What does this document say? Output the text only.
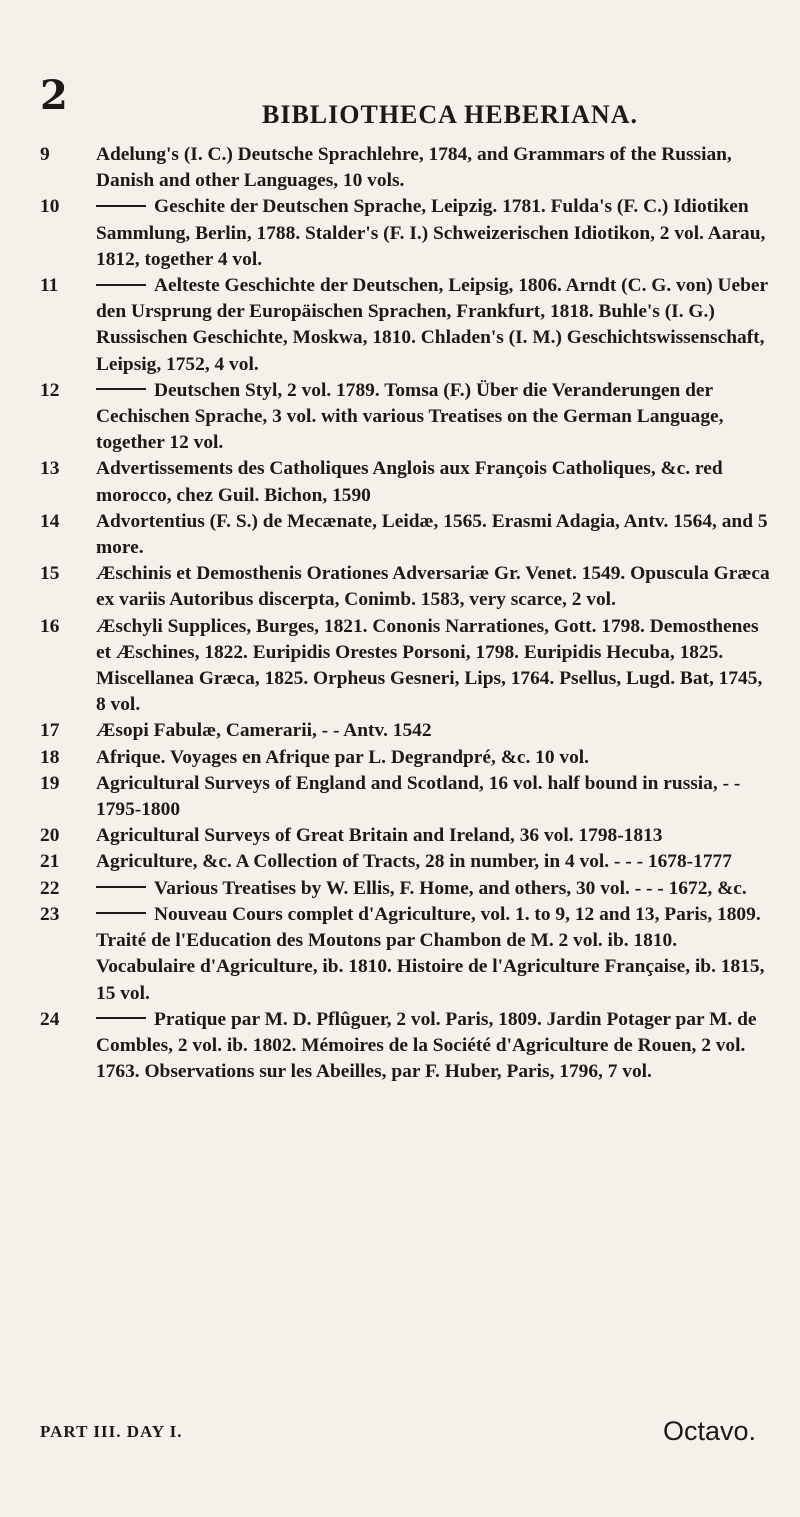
2	BIBLIOTHECA HEBERIANA.
9	Adelung's (I. C.) Deutsche Sprachlehre, 1784, and Grammars of the Russian, Danish and other Languages, 10 vols.
10	Geschite der Deutschen Sprache, Leipzig. 1781. Fulda's (F. C.) Idiotiken Sammlung, Berlin, 1788. Stalder's (F. I.) Schweizerischen Idiotikon, 2 vol. Aarau, 1812, together 4 vol.
11	Aelteste Geschichte der Deutschen, Leipsig, 1806. Arndt (C. G. von) Ueber den Ursprung der Europäischen Sprachen, Frankfurt, 1818. Buhle's (I. G.) Russischen Geschichte, Moskwa, 1810. Chladen's (I. M.) Geschichtswissenschaft, Leipsig, 1752, 4 vol.
12	Deutschen Styl, 2 vol. 1789. Tomsa (F.) Über die Veranderungen der Cechischen Sprache, 3 vol. with various Treatises on the German Language, together 12 vol.
13	Advertissements des Catholiques Anglois aux François Catholiques, &c. red morocco, chez Guil. Bichon, 1590
14	Advortentius (F. S.) de Mecænate, Leidæ, 1565. Erasmi Adagia, Antv. 1564, and 5 more.
15	Æschinis et Demosthenis Orationes Adversariæ Gr. Venet. 1549. Opuscula Græca ex variis Autoribus discerpta, Conimb. 1583, very scarce, 2 vol.
16	Æschyli Supplices, Burges, 1821. Cononis Narrationes, Gott. 1798. Demosthenes et Æschines, 1822. Euripidis Orestes Porsoni, 1798. Euripidis Hecuba, 1825. Miscellanea Græca, 1825. Orpheus Gesneri, Lips, 1764. Psellus, Lugd. Bat, 1745, 8 vol.
17	Æsopi Fabulæ, Camerarii, - - Antv. 1542
18	Afrique. Voyages en Afrique par L. Degrandpré, &c. 10 vol.
19	Agricultural Surveys of England and Scotland, 16 vol. half bound in russia, - - 1795-1800
20	Agricultural Surveys of Great Britain and Ireland, 36 vol. 1798-1813
21	Agriculture, &c. A Collection of Tracts, 28 in number, in 4 vol. - - - 1678-1777
22	Various Treatises by W. Ellis, F. Home, and others, 30 vol. - - - 1672, &c.
23	Nouveau Cours complet d'Agriculture, vol. 1. to 9, 12 and 13, Paris, 1809. Traité de l'Education des Moutons par Chambon de M. 2 vol. ib. 1810. Vocabulaire d'Agriculture, ib. 1810. Histoire de l'Agriculture Française, ib. 1815, 15 vol.
24	Pratique par M. D. Pflûguer, 2 vol. Paris, 1809. Jardin Potager par M. de Combles, 2 vol. ib. 1802. Mémoires de la Société d'Agriculture de Rouen, 2 vol. 1763. Observations sur les Abeilles, par F. Huber, Paris, 1796, 7 vol.
PART III. DAY I.	Octavo.
